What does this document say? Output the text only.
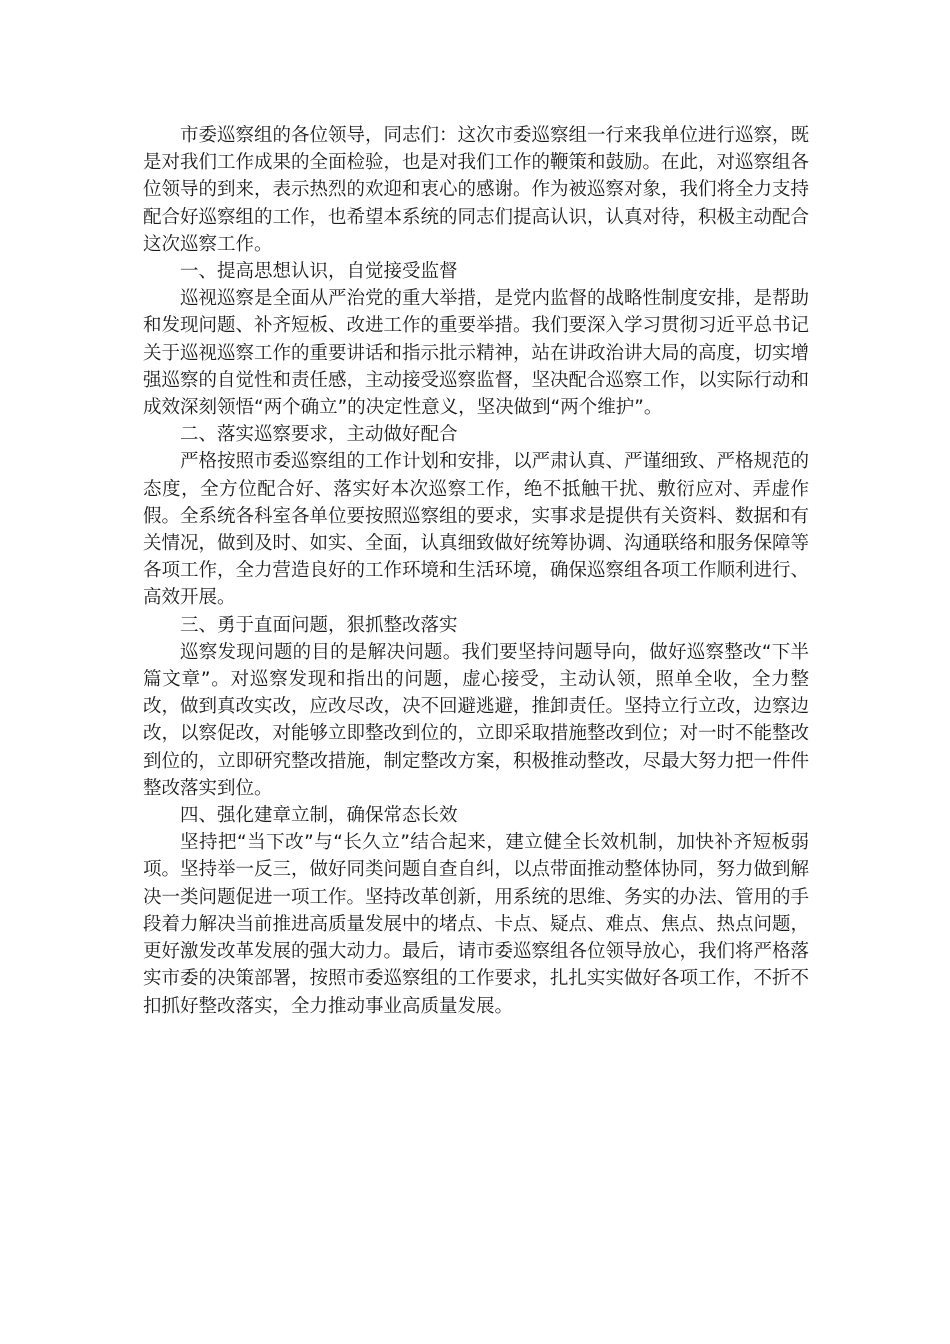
市委巡察组的各位领导，同志们：这次市委巡察组一行来我单位进行巡察，既是对我们工作成果的全面检验，也是对我们工作的鞭策和鼓励。在此，对巡察组各位领导的到来，表示热烈的欢迎和衷心的感谢。作为被巡察对象，我们将全力支持配合好巡察组的工作，也希望本系统的同志们提高认识，认真对待，积极主动配合这次巡察工作。

一、提高思想认识，自觉接受监督

巡视巡察是全面从严治党的重大举措，是党内监督的战略性制度安排，是帮助和发现问题、补齐短板、改进工作的重要举措。我们要深入学习贯彻习近平总书记关于巡视巡察工作的重要讲话和指示批示精神，站在讲政治讲大局的高度，切实增强巡察的自觉性和责任感，主动接受巡察监督，坚决配合巡察工作，以实际行动和成效深刻领悟“两个确立”的决定性意义，坚决做到“两个维护”。

二、落实巡察要求，主动做好配合

严格按照市委巡察组的工作计划和安排，以严肃认真、严谨细致、严格规范的态度，全方位配合好、落实好本次巡察工作，绝不抵触干扰、敷衍应对、弄虚作假。全系统各科室各单位要按照巡察组的要求，实事求是提供有关资料、数据和有关情况，做到及时、如实、全面，认真细致做好统筹协调、沟通联络和服务保障等各项工作，全力营造良好的工作环境和生活环境，确保巡察组各项工作顺利进行、高效开展。

三、勇于直面问题，狠抓整改落实

巡察发现问题的目的是解决问题。我们要坚持问题导向，做好巡察整改“下半篇文章”。对巡察发现和指出的问题，虚心接受，主动认领，照单全收，全力整改，做到真改实改，应改尽改，决不回避逃避，推卸责任。坚持立行立改，边察边改，以察促改，对能够立即整改到位的，立即采取措施整改到位；对一时不能整改到位的，立即研究整改措施，制定整改方案，积极推动整改，尽最大努力把一件件整改落实到位。

四、强化建章立制，确保常态长效

坚持把“当下改”与“长久立”结合起来，建立健全长效机制，加快补齐短板弱项。坚持举一反三，做好同类问题自查自纠，以点带面推动整体协同，努力做到解决一类问题促进一项工作。坚持改革创新，用系统的思维、务实的办法、管用的手段着力解决当前推进高质量发展中的堵点、卡点、疑点、难点、焦点、热点问题，更好激发改革发展的强大动力。最后，请市委巡察组各位领导放心，我们将严格落实市委的决策部署，按照市委巡察组的工作要求，扎扎实实做好各项工作，不折不扣抓好整改落实，全力推动事业高质量发展。
